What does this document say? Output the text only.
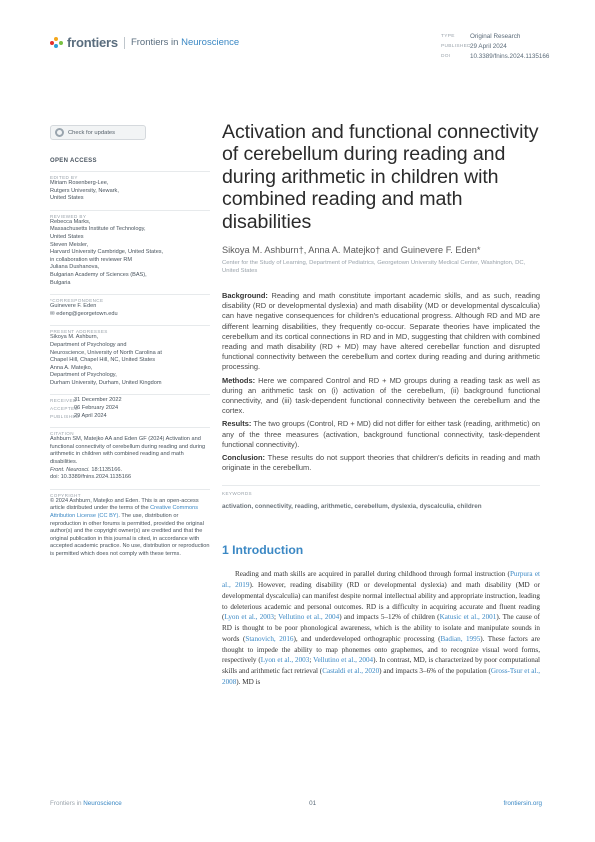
frontiers Frontiers in Neuroscience
TYPE	Original Research
PUBLISHED 29 April 2024
DOI	10.3389/fnins.2024.1135166
Check for updates
OPEN ACCESS
EDITED BY
Miriam Rosenberg-Lee,
Rutgers University, Newark,
United States
REVIEWED BY
Rebecca Marks,
Massachusetts Institute of Technology,
United States
Steven Meisler,
Harvard University Cambridge, United States,
in collaboration with reviewer RM
Juliana Dushanova,
Bulgarian Academy of Sciences (BAS),
Bulgaria
*CORRESPONDENCE
Guinevere F. Eden
✉ edeng@georgetown.edu
PRESENT ADDRESSES
Sikoya M. Ashburn,
Department of Psychology and
Neuroscience, University of North Carolina at
Chapel Hill, Chapel Hill, NC, United States
Anna A. Matejko,
Department of Psychology,
Durham University, Durham, United Kingdom
RECEIVED
31 December 2022
ACCEPTED
06 February 2024
PUBLISHED
29 April 2024
CITATION
Ashburn SM, Matejko AA and Eden GF (2024) Activation and functional connectivity of cerebellum during reading and during arithmetic in children with combined reading and math disabilities.
Front. Neurosci. 18:1135166.
doi: 10.3389/fnins.2024.1135166
COPYRIGHT
© 2024 Ashburn, Matejko and Eden. This is an open-access article distributed under the terms of the Creative Commons Attribution License (CC BY). The use, distribution or reproduction in other forums is permitted, provided the original author(s) and the copyright owner(s) are credited and that the original publication in this journal is cited, in accordance with accepted academic practice. No use, distribution or reproduction is permitted which does not comply with these terms.
Activation and functional connectivity of cerebellum during reading and during arithmetic in children with combined reading and math disabilities
Sikoya M. Ashburn†, Anna A. Matejko† and Guinevere F. Eden*
Center for the Study of Learning, Department of Pediatrics, Georgetown University Medical Center, Washington, DC, United States

Background: Reading and math constitute important academic skills, and as such, reading disability (RD or developmental dyslexia) and math disability (MD or developmental dyscalculia) can have negative consequences for children's educational progress. Although RD and MD are different learning disabilities, they frequently co-occur. Separate theories have implicated the cerebellum and its cortical connections in RD and in MD, suggesting that children with combined reading and math disability (RD + MD) may have altered cerebellar function and disrupted functional connectivity between the cerebellum and cortex during reading and during arithmetic processing.

Methods: Here we compared Control and RD + MD groups during a reading task as well as during an arithmetic task on (i) activation of the cerebellum, (ii) background functional connectivity, and (iii) task-dependent functional connectivity between the cerebellum and the cortex.

Results: The two groups (Control, RD + MD) did not differ for either task (reading, arithmetic) on any of the three measures (activation, background functional connectivity, task-dependent functional connectivity).

Conclusion: These results do not support theories that children's deficits in reading and math originate in the cerebellum.

KEYWORDS
activation, connectivity, reading, arithmetic, cerebellum, dyslexia, dyscalculia, children
1 Introduction

Reading and math skills are acquired in parallel during childhood through formal instruction (Purpura et al., 2019). However, reading disability (RD or developmental dyslexia) and math disability (MD or developmental dyscalculia) can manifest despite normal intellectual ability and appropriate instruction, leading to deleterious academic and personal outcomes. RD is a difficulty in acquiring accurate and fluent reading (Lyon et al., 2003; Vellutino et al., 2004) and impacts 5–12% of children (Katusic et al., 2001). The cause of RD is thought to be poor phonological awareness, which is the ability to isolate and manipulate sounds in words (Stanovich, 2016), and underdeveloped orthographic processing (Badian, 1995). These factors are thought to impede the ability to map phonemes onto graphemes, and to recognize visual word forms, respectively (Lyon et al., 2003; Vellutino et al., 2004). In contrast, MD, is characterized by poor computational skills and arithmetic fact retrieval (Castaldi et al., 2020) and impacts 3–6% of the population (Gross-Tsur et al., 2008). MD is

Frontiers in Neuroscience	01	frontiersin.org
